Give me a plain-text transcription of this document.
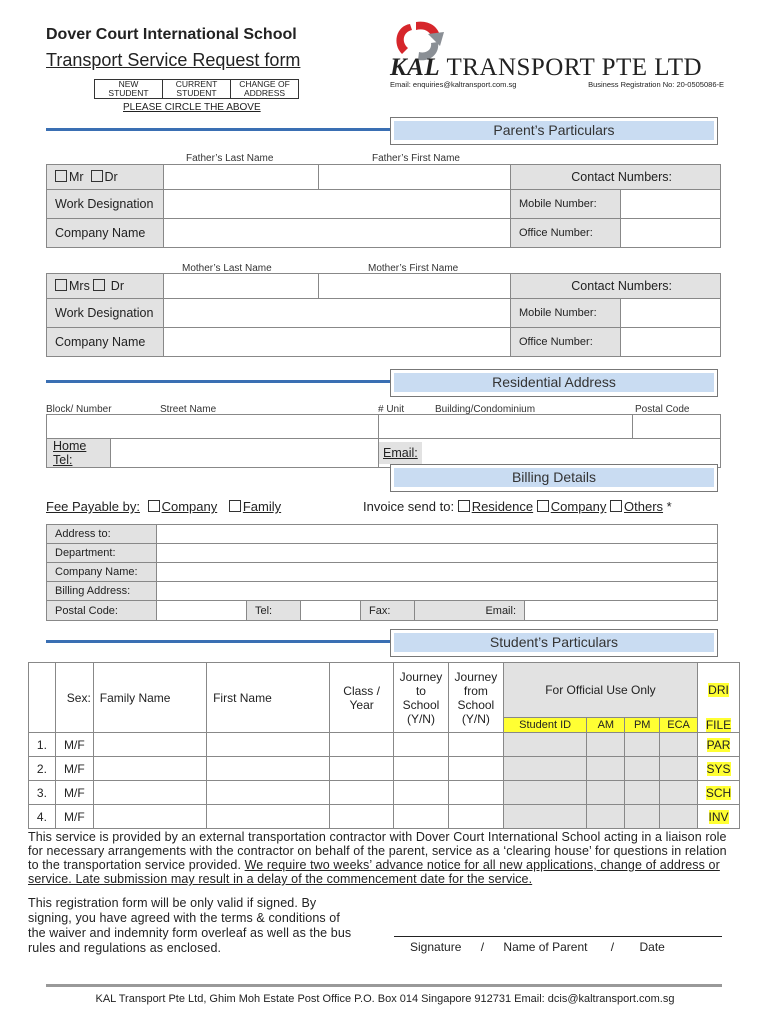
Dover Court International School
Transport Service Request form
NEW STUDENT	CURRENT STUDENT	CHANGE OF ADDRESS
PLEASE CIRCLE THE ABOVE
KAL TRANSPORT PTE LTD
Email: enquiries@kaltransport.com.sg	Business Registration No: 20-0505086-E
Parent’s Particulars
Father’s Last Name	Father’s First Name
Mr Dr			Contact Numbers:	
Work Designation			Mobile Number:	
Company Name			Office Number:	
Mother’s Last Name	Mother’s First Name
Mrs Dr			Contact Numbers:	
Work Designation			Mobile Number:	
Company Name			Office Number:	
Residential Address
Block/ Number	Street Name	# Unit	Building/Condominium	Postal Code

Home Tel:		Email:	
Billing Details
Fee Payable by: Company Family	Invoice send to: Residence Company Others *
Address to:						
Department:						
Company Name:						
Billing Address:						
Postal Code:		Tel:		Fax:	Email:	
Student’s Particulars
	Sex:	Family Name	First Name	Class / Year	Journey to School (Y/N)	Journey from School (Y/N)	For Official Use Only				DRI
							Student ID	AM	PM	ECA	FILE
1.	M/F										PAR
2.	M/F										SYS
3.	M/F										SCH
4.	M/F										INV
This service is provided by an external transportation contractor with Dover Court International School acting in a liaison role for necessary arrangements with the contractor on behalf of the parent, service as a ‘clearing house’ for questions in relation to the transportation service provided. We require two weeks’ advance notice for all new applications, change of address or service. Late submission may result in a delay of the commencement date for the service.
This registration form will be only valid if signed. By signing, you have agreed with the terms & conditions of the waiver and indemnity form overleaf as well as the bus rules and regulations as enclosed.	Signature / Name of Parent / Date
KAL Transport Pte Ltd, Ghim Moh Estate Post Office P.O. Box 014 Singapore 912731 Email: dcis@kaltransport.com.sg
